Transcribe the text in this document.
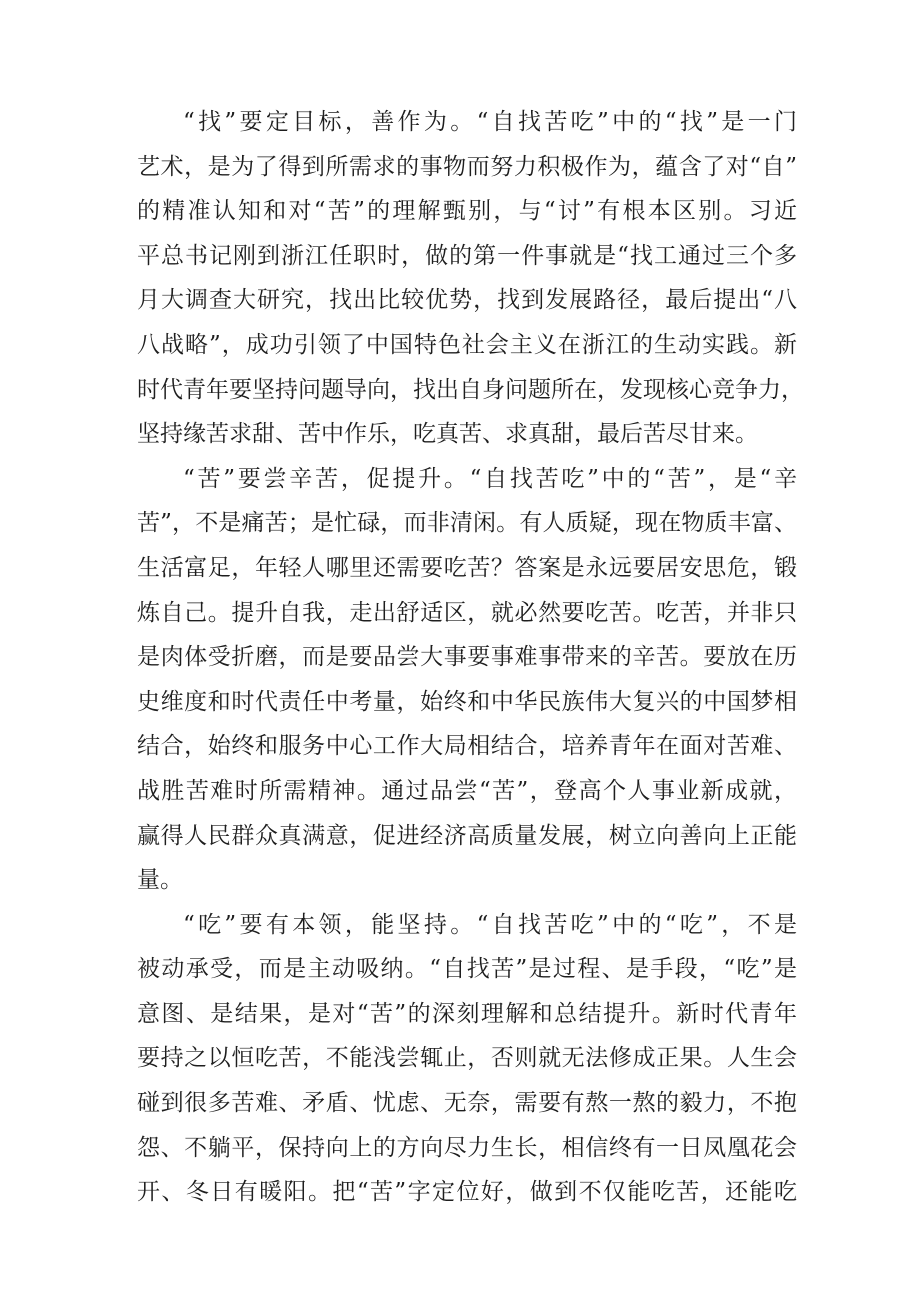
“找”要定目标，善作为。“自找苦吃”中的“找”是一门
艺术，是为了得到所需求的事物而努力积极作为，蕴含了对“自”
的精准认知和对“苦”的理解甄别，与“讨”有根本区别。习近
平总书记刚到浙江任职时，做的第一件事就是“找工通过三个多
月大调查大研究，找出比较优势，找到发展路径，最后提出“八
八战略”，成功引领了中国特色社会主义在浙江的生动实践。新
时代青年要坚持问题导向，找出自身问题所在，发现核心竞争力，
坚持缘苦求甜、苦中作乐，吃真苦、求真甜，最后苦尽甘来。
“苦”要尝辛苦，促提升。“自找苦吃”中的“苦”，是“辛
苦”，不是痛苦；是忙碌，而非清闲。有人质疑，现在物质丰富、
生活富足，年轻人哪里还需要吃苦？答案是永远要居安思危，锻
炼自己。提升自我，走出舒适区，就必然要吃苦。吃苦，并非只
是肉体受折磨，而是要品尝大事要事难事带来的辛苦。要放在历
史维度和时代责任中考量，始终和中华民族伟大复兴的中国梦相
结合，始终和服务中心工作大局相结合，培养青年在面对苦难、
战胜苦难时所需精神。通过品尝“苦”，登高个人事业新成就，
赢得人民群众真满意，促进经济高质量发展，树立向善向上正能
量。
“吃”要有本领，能坚持。“自找苦吃”中的“吃”，不是
被动承受，而是主动吸纳。“自找苦”是过程、是手段，“吃”是
意图、是结果，是对“苦”的深刻理解和总结提升。新时代青年
要持之以恒吃苦，不能浅尝辄止，否则就无法修成正果。人生会
碰到很多苦难、矛盾、忧虑、无奈，需要有熬一熬的毅力，不抱
怨、不躺平，保持向上的方向尽力生长，相信终有一日凤凰花会
开、冬日有暖阳。把“苦”字定位好，做到不仅能吃苦，还能吃
